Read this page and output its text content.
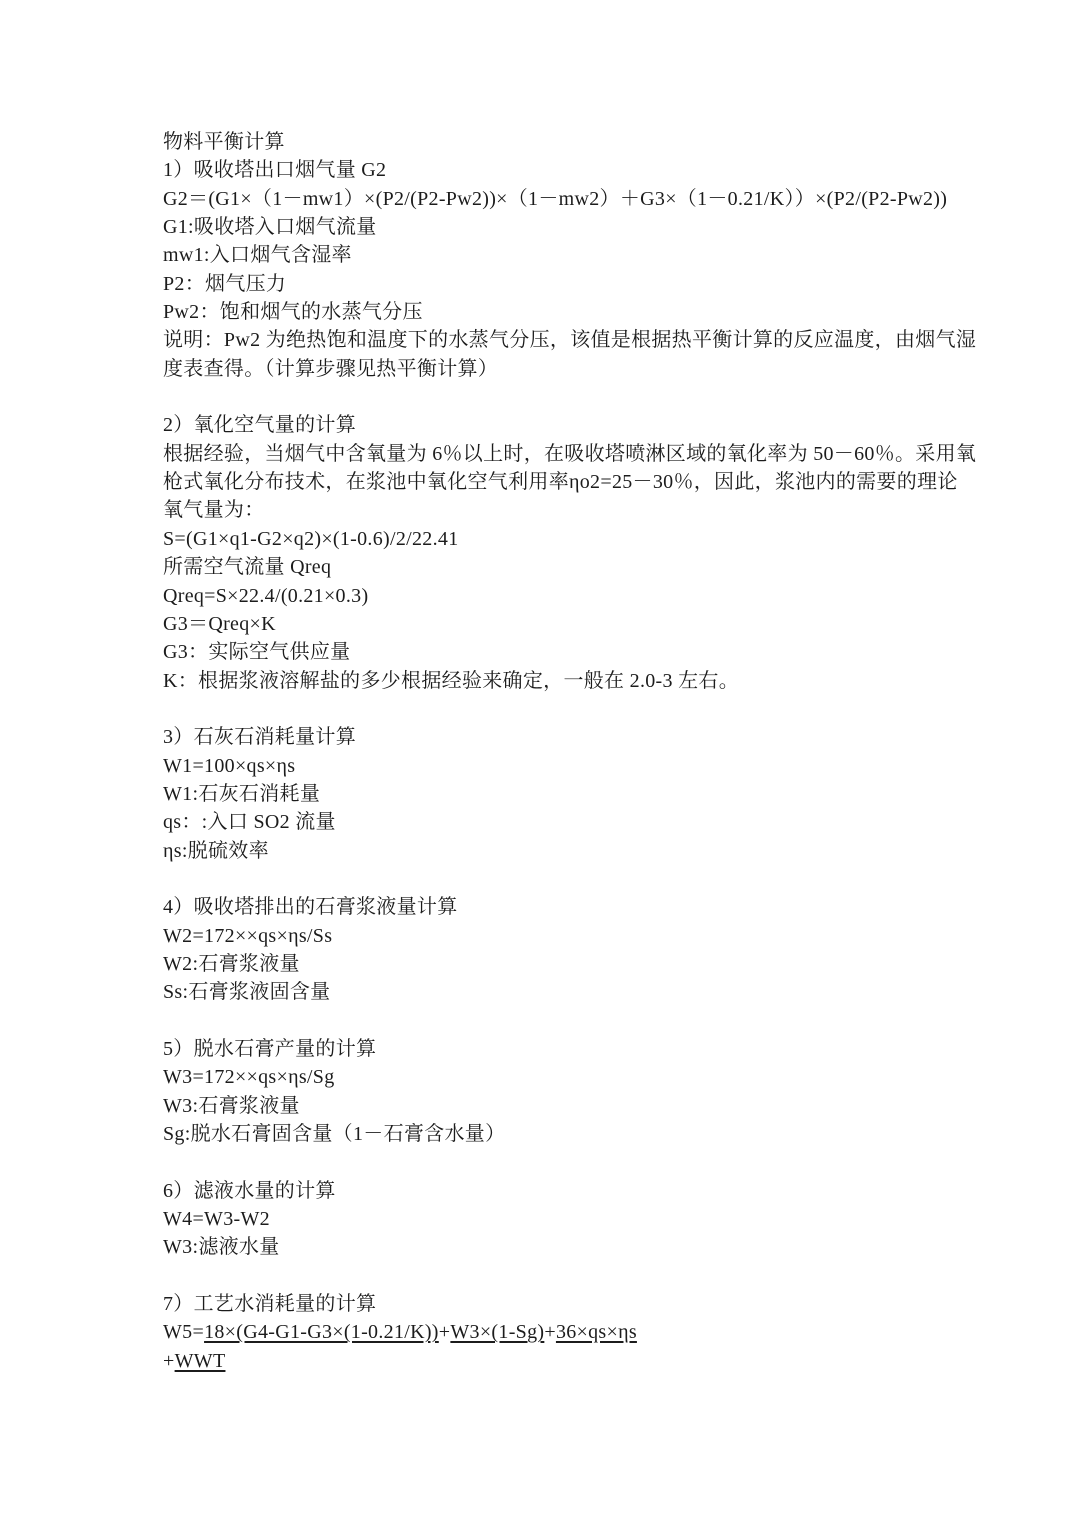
物料平衡计算
1）吸收塔出口烟气量 G2
G2＝(G1×（1－mw1）×(P2/(P2-Pw2))×（1－mw2）＋G3×（1－0.21/K））×(P2/(P2-Pw2))
G1:吸收塔入口烟气流量
mw1:入口烟气含湿率
P2：烟气压力
Pw2：饱和烟气的水蒸气分压
说明：Pw2 为绝热饱和温度下的水蒸气分压，该值是根据热平衡计算的反应温度，由烟气湿
度表查得。（计算步骤见热平衡计算）

2）氧化空气量的计算
根据经验，当烟气中含氧量为 6％以上时，在吸收塔喷淋区域的氧化率为 50－60％。采用氧
枪式氧化分布技术，在浆池中氧化空气利用率ηo2=25－30％，因此，浆池内的需要的理论
氧气量为：
S=(G1×q1-G2×q2)×(1-0.6)/2/22.41
所需空气流量 Qreq
Qreq=S×22.4/(0.21×0.3)
G3＝Qreq×K
G3：实际空气供应量
K：根据浆液溶解盐的多少根据经验来确定，一般在 2.0-3 左右。

3）石灰石消耗量计算
W1=100×qs×ηs
W1:石灰石消耗量
qs：:入口 SO2 流量
ηs:脱硫效率

4）吸收塔排出的石膏浆液量计算
W2=172××qs×ηs/Ss
W2:石膏浆液量
Ss:石膏浆液固含量

5）脱水石膏产量的计算
W3=172××qs×ηs/Sg
W3:石膏浆液量
Sg:脱水石膏固含量（1－石膏含水量）

6）滤液水量的计算
W4=W3-W2
W3:滤液水量

7）工艺水消耗量的计算
W5=18×(G4-G1-G3×(1-0.21/K))+W3×(1-Sg)+36×qs×ηs
+WWT
